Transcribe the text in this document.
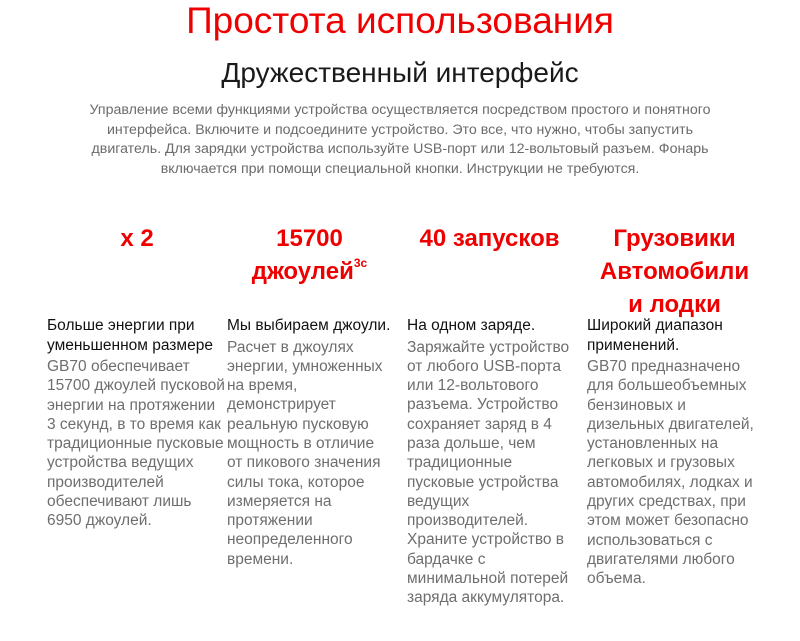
Простота использования
Дружественный интерфейс

Управление всеми функциями устройства осуществляется посредством простого и понятного интерфейса. Включите и подсоедините устройство. Это все, что нужно, чтобы запустить двигатель. Для зарядки устройства используйте USB-порт или 12-вольтовый разъем. Фонарь включается при помощи специальной кнопки. Инструкции не требуются.

x 2

Больше энергии при уменьшенном размере

GB70 обеспечивает 15700 джоулей пусковой энергии на протяжении 3 секунд, в то время как традиционные пусковые устройства ведущих производителей обеспечивают лишь 6950 джоулей.

15700
джоулей$^{3с}$

Мы выбираем джоули.

Расчет в джоулях энергии, умноженных на время, демонстрирует реальную пусковую мощность в отличие от пикового значения силы тока, которое измеряется на протяжении неопределенного времени.

40 запусков

На одном заряде.

Заряжайте устройство от любого USB-порта или 12-вольтового разъема. Устройство сохраняет заряд в 4 раза дольше, чем традиционные пусковые устройства ведущих производителей. Храните устройство в бардачке с минимальной потерей заряда аккумулятора.

Грузовики
Автомобили
и лодки

Широкий диапазон применений.

GB70 предназначено для большеобъемных бензиновых и дизельных двигателей, установленных на легковых и грузовых автомобилях, лодках и других средствах, при этом может безопасно использоваться с двигателями любого объема.
